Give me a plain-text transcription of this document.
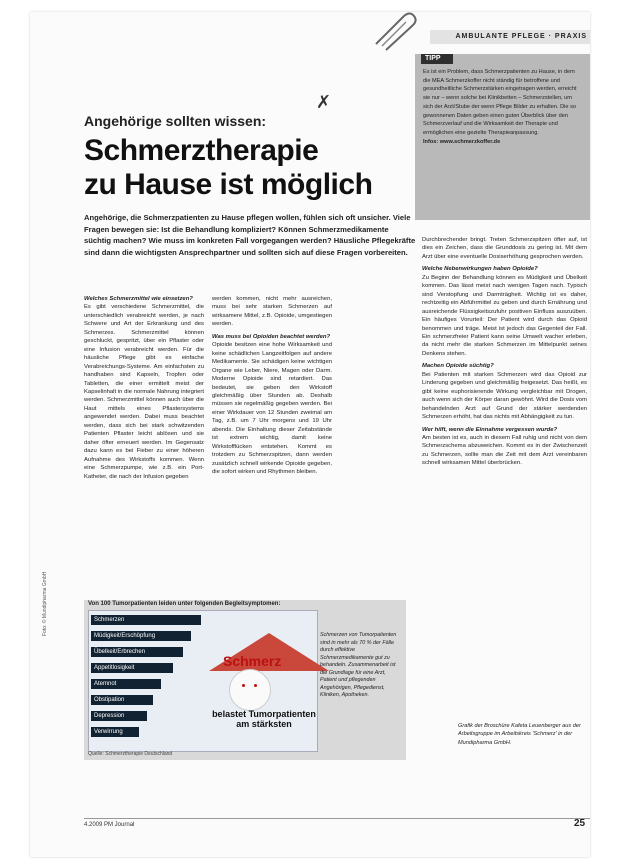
AMBULANTE PFLEGE · PRAXIS
TIPP
Es ist ein Problem, dass Schmerzpatienten zu Hause, in dem die MEA Schmerzkoffer nicht ständig für betroffene und gesundheitliche Schmerzstärken eingetragen werden, erreicht sie nur – wenn solche bei Klinikbetten – Schmerzstellen, um sich der Arzt/Stube der wenn Pflege Bilder zu erhalten. Die so gewonnenen Daten geben einen guten Überblick über den Schmerzverlauf und die Wirksamkeit der Therapie und ermöglichen eine gezielte Therapieanpassung.
Infos: www.schmerzkoffer.de
Angehörige sollten wissen:
✗
Schmerztherapie
zu Hause ist möglich
Angehörige, die Schmerzpatienten zu Hause pflegen wollen, fühlen sich oft unsicher. Viele Fragen bewegen sie: Ist die Behandlung kompliziert? Können Schmerzmedikamente süchtig machen? Wie muss im konkreten Fall vorgegangen werden? Häusliche Pflegekräfte sind dann die wichtigsten Ansprechpartner und sollten sich auf diese Fragen vorbereiten.
Welches Schmerzmittel wie einsetzen?
Es gibt verschiedene Schmerzmittel, die unterschiedlich verabreicht werden, je nach Schwere und Art der Erkrankung und des Schmerzes. Schmerzmittel können geschluckt, gespritzt, über ein Pflaster oder eine Infusion verabreicht werden. Für die häusliche Pflege gibt es einfache Verabreichungs-Systeme. Am einfachsten zu handhaben sind Kapseln, Tropfen oder Tabletten, die einer ermittelt meist der Kapselinhalt in die normale Nahrung integriert werden. Schmerzmittel können auch über die Haut mittels eines Pflastersystems angewendet werden. Dabei muss beachtet werden, dass sich bei stark schwitzenden Patienten Pflaster leicht ablösen und sie daher öfter erneuert werden. Im Gegensatz dazu kann es bei Fieber zu einer höheren Aufnahme des Wirkstoffs kommen. Wenn eine Schmerzpumpe, wie z.B. ein Port-Katheter, die nach der Infusion gegeben
werden kommen, nicht mehr ausreichen, muss bei sehr starken Schmerzen auf wirksamere Mittel, z.B. Opioide, umgestiegen werden.
Was muss bei Opioiden beachtet werden?
Opioide besitzen eine hohe Wirksamkeit und keine schädlichen Langzeitfolgen auf andere Medikamente. Sie schädigen keine wichtigen Organe wie Leber, Niere, Magen oder Darm. Moderne Opioide sind retardiert. Das bedeutet, sie geben den Wirkstoff gleichmäßig über Stunden ab. Deshalb müssen sie regelmäßig gegeben werden. Bei einer Wirkdauer von 12 Stunden zweimal am Tag, z.B. um 7 Uhr morgens und 19 Uhr abends. Die Einhaltung dieser Zeitabstände ist extrem wichtig, damit keine Wirkstofflücken entstehen. Kommt es trotzdem zu Schmerzspitzen, dann werden zusätzlich schnell wirkende Opioide gegeben, die sofort wirken und Rhythmen bleiben.
Durchbrechender bringt. Treten Schmerzspitzen öfter auf, ist dies ein Zeichen, dass die Grunddosis zu gering ist. Mit dem Arzt über eine eventuelle Dosiserhöhung gesprochen werden.
Welche Nebenwirkungen haben Opioide?
Zu Beginn der Behandlung können es Müdigkeit und Übelkeit kommen. Das lässt meist nach wenigen Tagen nach. Typisch sind Verstopfung und Darmträgheit. Wichtig ist es daher, rechtzeitig ein Abführmittel zu geben und durch Ernährung und ausreichende Flüssigkeitszufuhr positiven Einfluss auszuüben. Ein häufiges Vorurteil: Der Patient wird durch das Opioid benommen und träge. Meist ist jedoch das Gegenteil der Fall. Ein schmerzfreier Patient kann seine Umwelt wacher erleben, da nicht mehr die starken Schmerzen im Mittelpunkt seines Denkens stehen.
Machen Opioide süchtig?
Bei Patienten mit starken Schmerzen wird das Opioid zur Linderung gegeben und gleichmäßig freigesetzt. Das heißt, es gibt keine euphorisierende Wirkung vergleichbar mit Drogen, auch wenn sich der Körper daran gewöhnt. Wird die Dosis vom behandelnden Arzt auf Grund der stärker werdenden Schmerzen erhöht, hat das nichts mit Abhängigkeit zu tun.
Wer hilft, wenn die Einnahme vergessen wurde?
Am besten ist es, auch in diesem Fall ruhig und nicht von dem Schmerzschema abzuweichen. Kommt es in der Zwischenzeit zu Schmerzen, sollte man die Zeit mit dem Arzt vereinbaren schnell wirksamen Mittel überbrücken.
Foto: © Mundipharma GmbH	Von 100 Tumorpatienten leiden unter folgenden Begleitsymptomen:
Schmerzen
Müdigkeit/Erschöpfung
Übelkeit/Erbrechen
Appetitlosigkeit
Atemnot
Obstipation
Depression
Verwirrung
Schmerz
belastet Tumorpatienten am stärksten
Schmerzen von Tumorpatienten sind in mehr als 70 % der Fälle durch effektive Schmerzmedikamente gut zu behandeln. Zusammenarbeit ist die Grundlage für eine Arzt, Patient und pflegenden Angehörigen, Pflegedienst, Kliniken, Apotheken.
Quelle: Schmerztherapie Deutschland
Grafik der Broschüre Kafeta Leuenberger aus der Arbeitsgruppe im Arbeitskreis 'Schmerz' in der Mundipharma GmbH.
4.2009 PM Journal	25
